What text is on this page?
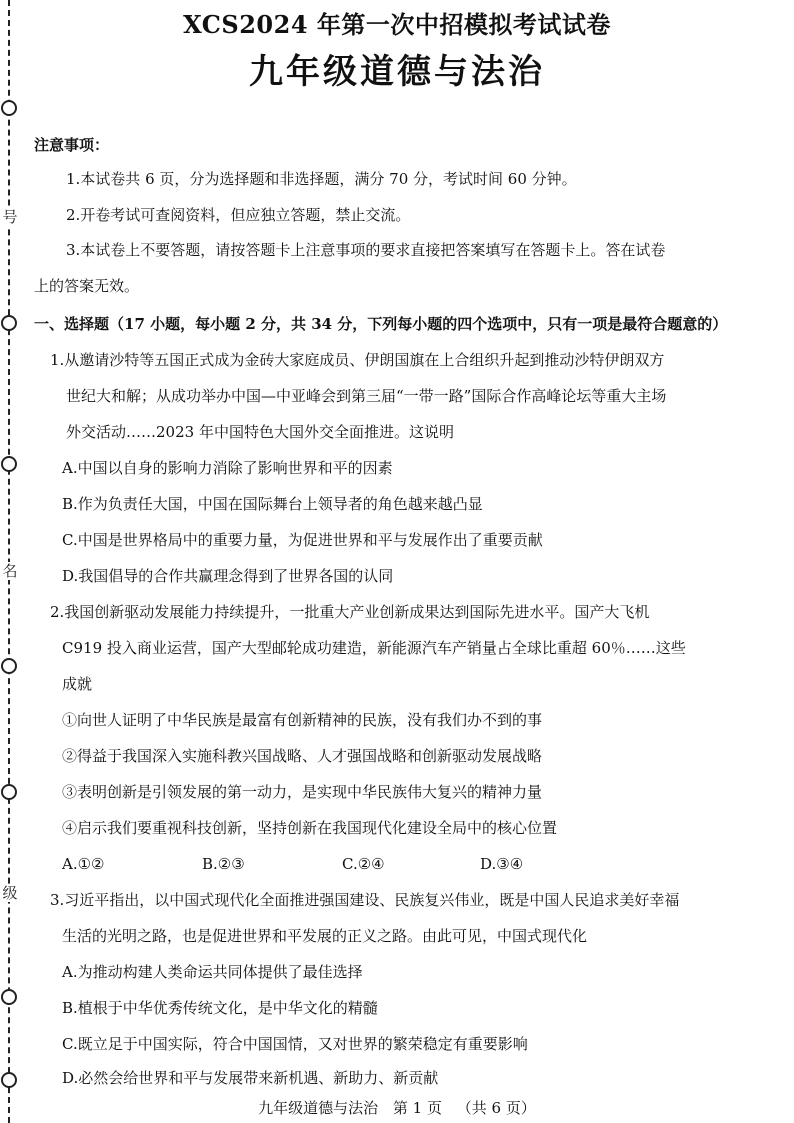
号
名
级
XCS2024 年第一次中招模拟考试试卷
九年级道德与法治
注意事项：
1.本试卷共 6 页，分为选择题和非选择题，满分 70 分，考试时间 60 分钟。
2.开卷考试可查阅资料，但应独立答题，禁止交流。
3.本试卷上不要答题，请按答题卡上注意事项的要求直接把答案填写在答题卡上。答在试卷
上的答案无效。
一、选择题（17 小题，每小题 2 分，共 34 分，下列每小题的四个选项中，只有一项是最符合题意的）
1.从邀请沙特等五国正式成为金砖大家庭成员、伊朗国旗在上合组织升起到推动沙特伊朗双方
世纪大和解；从成功举办中国—中亚峰会到第三届“一带一路”国际合作高峰论坛等重大主场
外交活动……2023 年中国特色大国外交全面推进。这说明
A.中国以自身的影响力消除了影响世界和平的因素
B.作为负责任大国，中国在国际舞台上领导者的角色越来越凸显
C.中国是世界格局中的重要力量，为促进世界和平与发展作出了重要贡献
D.我国倡导的合作共赢理念得到了世界各国的认同
2.我国创新驱动发展能力持续提升，一批重大产业创新成果达到国际先进水平。国产大飞机
C919 投入商业运营，国产大型邮轮成功建造，新能源汽车产销量占全球比重超 60％……这些
成就
①向世人证明了中华民族是最富有创新精神的民族，没有我们办不到的事
②得益于我国深入实施科教兴国战略、人才强国战略和创新驱动发展战略
③表明创新是引领发展的第一动力，是实现中华民族伟大复兴的精神力量
④启示我们要重视科技创新，坚持创新在我国现代化建设全局中的核心位置
A.①②	B.②③	C.②④	D.③④
3.习近平指出，以中国式现代化全面推进强国建设、民族复兴伟业，既是中国人民追求美好幸福
生活的光明之路，也是促进世界和平发展的正义之路。由此可见，中国式现代化
A.为推动构建人类命运共同体提供了最佳选择
B.植根于中华优秀传统文化，是中华文化的精髓
C.既立足于中国实际，符合中国国情，又对世界的繁荣稳定有重要影响
D.必然会给世界和平与发展带来新机遇、新助力、新贡献
九年级道德与法治 第 1 页 （共 6 页）
